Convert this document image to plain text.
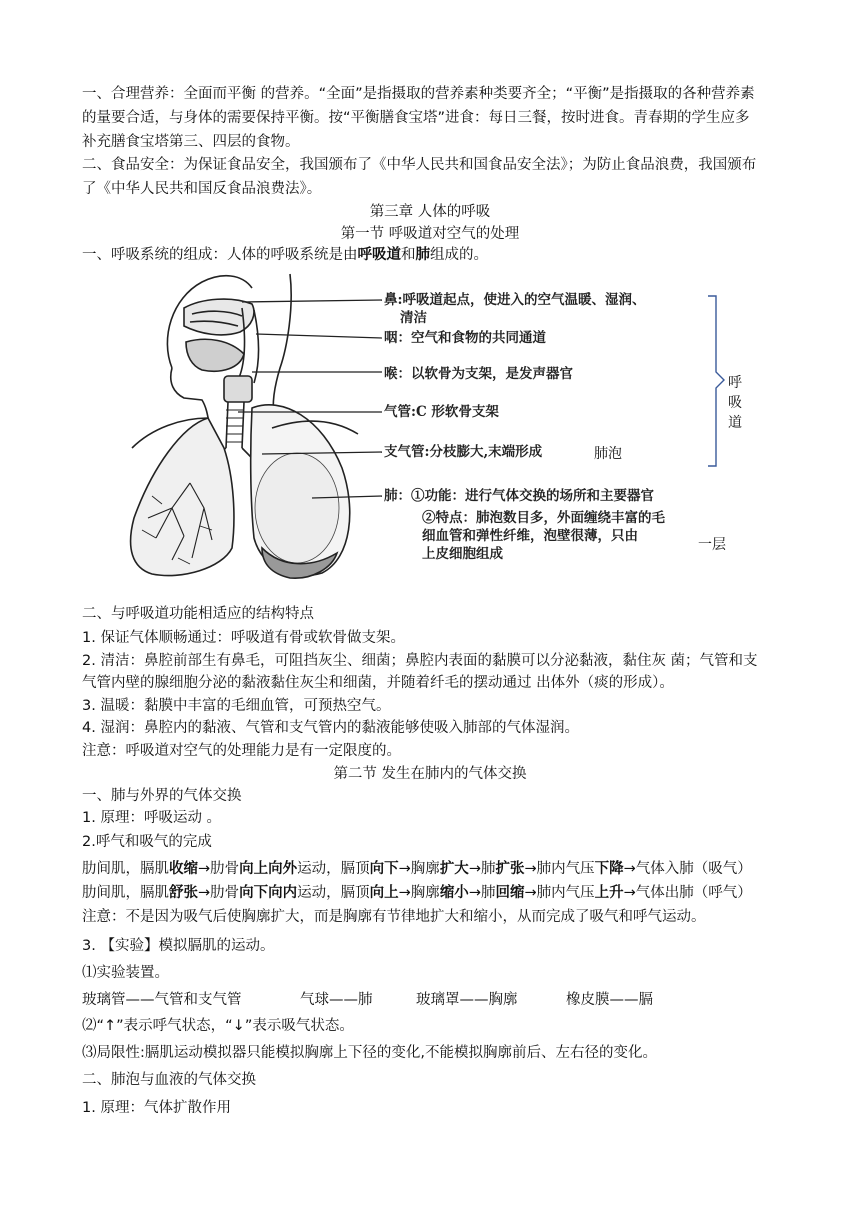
一、合理营养：全面而平衡 的营养。“全面”是指摄取的营养素种类要齐全；“平衡”是指摄取的各种营养素

的量要合适，与身体的需要保持平衡。按“平衡膳食宝塔”进食：每日三餐，按时进食。青春期的学生应多

补充膳食宝塔第三、四层的食物。

二、食品安全：为保证食品安全，我国颁布了《中华人民共和国食品安全法》；为防止食品浪费，我国颁布

了《中华人民共和国反食品浪费法》。

第三章 人体的呼吸

第一节 呼吸道对空气的处理

一、呼吸系统的组成：人体的呼吸系统是由呼吸道和肺组成的。

鼻:呼吸道起点，使进入的空气温暖、湿润、
清洁
咽：空气和食物的共同通道
喉：以软骨为支架，是发声器官
气管:C 形软骨支架
支气管:分枝膨大,末端形成	肺泡
肺：①功能：进行气体交换的场所和主要器官
②特点：肺泡数目多，外面缠绕丰富的毛
细血管和弹性纤维，泡壁很薄，只由
一层
上皮细胞组成
呼吸道

二、与呼吸道功能相适应的结构特点

1. 保证气体顺畅通过：呼吸道有骨或软骨做支架。

2. 清洁：鼻腔前部生有鼻毛，可阻挡灰尘、细菌；鼻腔内表面的黏膜可以分泌黏液，黏住灰 菌；气管和支

气管内壁的腺细胞分泌的黏液黏住灰尘和细菌，并随着纤毛的摆动通过 出体外（痰的形成）。

3. 温暖：黏膜中丰富的毛细血管，可预热空气。

4. 湿润：鼻腔内的黏液、气管和支气管内的黏液能够使吸入肺部的气体湿润。

注意：呼吸道对空气的处理能力是有一定限度的。

第二节 发生在肺内的气体交换

一、肺与外界的气体交换

1. 原理：呼吸运动 。

2.呼气和吸气的完成

肋间肌，膈肌收缩→肋骨向上向外运动，膈顶向下→胸廓扩大→肺扩张→肺内气压下降→气体入肺（吸气）

肋间肌，膈肌舒张→肋骨向下向内运动，膈顶向上→胸廓缩小→肺回缩→肺内气压上升→气体出肺（呼气）

注意：不是因为吸气后使胸廓扩大，而是胸廓有节律地扩大和缩小，从而完成了吸气和呼气运动。

3. 【实验】模拟膈肌的运动。

⑴实验装置。

玻璃管——气管和支气管	气球——肺	玻璃罩——胸廓	橡皮膜——膈

⑵“↑”表示呼气状态，“↓”表示吸气状态。

⑶局限性:膈肌运动模拟器只能模拟胸廓上下径的变化,不能模拟胸廓前后、左右径的变化。

二、肺泡与血液的气体交换

1. 原理：气体扩散作用
